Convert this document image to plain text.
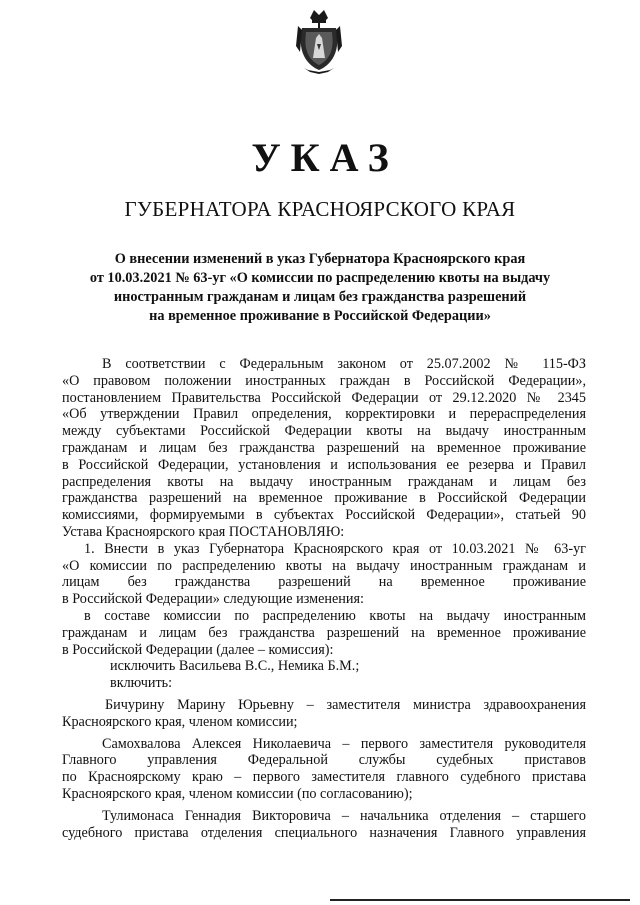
УКАЗ
ГУБЕРНАТОРА КРАСНОЯРСКОГО КРАЯ
О внесении изменений в указ Губернатора Красноярского края
от 10.03.2021 № 63-уг «О комиссии по распределению квоты на выдачу
иностранным гражданам и лицам без гражданства разрешений
на временное проживание в Российской Федерации»
В соответствии с Федеральным законом от 25.07.2002 № 115-ФЗ
«О правовом положении иностранных граждан в Российской Федерации»,
постановлением Правительства Российской Федерации от 29.12.2020 № 2345
«Об утверждении Правил определения, корректировки и перераспределения
между субъектами Российской Федерации квоты на выдачу иностранным
гражданам и лицам без гражданства разрешений на временное проживание
в Российской Федерации, установления и использования ее резерва и Правил
распределения квоты на выдачу иностранным гражданам и лицам без
гражданства разрешений на временное проживание в Российской Федерации
комиссиями, формируемыми в субъектах Российской Федерации», статьей 90
Устава Красноярского края ПОСТАНОВЛЯЮ:
1. Внести в указ Губернатора Красноярского края от 10.03.2021 № 63-уг
«О комиссии по распределению квоты на выдачу иностранным гражданам и
лицам без гражданства разрешений на временное проживание
в Российской Федерации» следующие изменения:
в составе комиссии по распределению квоты на выдачу иностранным
гражданам и лицам без гражданства разрешений на временное проживание
в Российской Федерации (далее – комиссия):
исключить Васильева В.С., Немика Б.М.;
включить:
Бичурину Марину Юрьевну – заместителя министра здравоохранения
Красноярского края, членом комиссии;
Самохвалова Алексея Николаевича – первого заместителя руководителя
Главного управления Федеральной службы судебных приставов
по Красноярскому краю – первого заместителя главного судебного пристава
Красноярского края, членом комиссии (по согласованию);
Тулимонаса Геннадия Викторовича – начальника отделения – старшего
судебного пристава отделения специального назначения Главного управления
